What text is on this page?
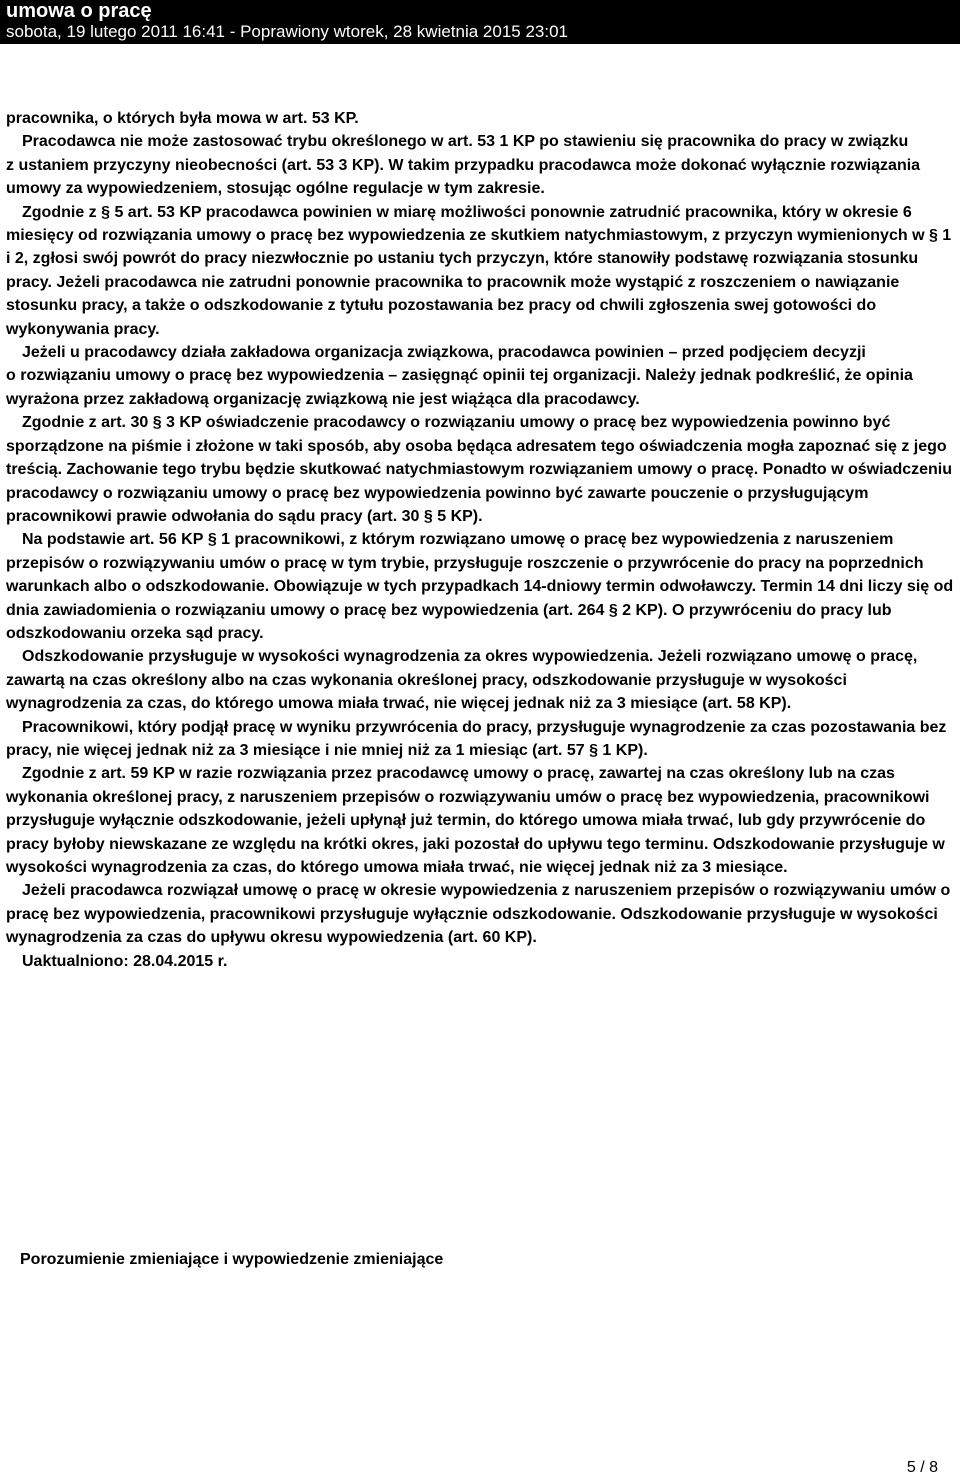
umowa o pracę
sobota, 19 lutego 2011 16:41 - Poprawiony wtorek, 28 kwietnia 2015 23:01

pracownika, o których była mowa w art. 53 KP.

Pracodawca nie może zastosować trybu określonego w art. 53 1 KP po stawieniu się pracownika do pracy w związku z ustaniem przyczyny nieobecności (art. 53 3 KP). W takim przypadku pracodawca może dokonać wyłącznie rozwiązania umowy za wypowiedzeniem, stosując ogólne regulacje w tym zakresie.

Zgodnie z § 5 art. 53 KP pracodawca powinien w miarę możliwości ponownie zatrudnić pracownika, który w okresie 6 miesięcy od rozwiązania umowy o pracę bez wypowiedzenia ze skutkiem natychmiastowym, z przyczyn wymienionych w § 1 i 2, zgłosi swój powrót do pracy niezwłocznie po ustaniu tych przyczyn, które stanowiły podstawę rozwiązania stosunku pracy. Jeżeli pracodawca nie zatrudni ponownie pracownika to pracownik może wystąpić z roszczeniem o nawiązanie stosunku pracy, a także o odszkodowanie z tytułu pozostawania bez pracy od chwili zgłoszenia swej gotowości do wykonywania pracy.

Jeżeli u pracodawcy działa zakładowa organizacja związkowa, pracodawca powinien – przed podjęciem decyzji o rozwiązaniu umowy o pracę bez wypowiedzenia – zasięgnąć opinii tej organizacji. Należy jednak podkreślić, że opinia wyrażona przez zakładową organizację związkową nie jest wiążąca dla pracodawcy.

Zgodnie z art. 30 § 3 KP oświadczenie pracodawcy o rozwiązaniu umowy o pracę bez wypowiedzenia powinno być sporządzone na piśmie i złożone w taki sposób, aby osoba będąca adresatem tego oświadczenia mogła zapoznać się z jego treścią. Zachowanie tego trybu będzie skutkować natychmiastowym rozwiązaniem umowy o pracę. Ponadto w oświadczeniu pracodawcy o rozwiązaniu umowy o pracę bez wypowiedzenia powinno być zawarte pouczenie o przysługującym pracownikowi prawie odwołania do sądu pracy (art. 30 § 5 KP).

Na podstawie art. 56 KP § 1 pracownikowi, z którym rozwiązano umowę o pracę bez wypowiedzenia z naruszeniem przepisów o rozwiązywaniu umów o pracę w tym trybie, przysługuje roszczenie o przywrócenie do pracy na poprzednich warunkach albo o odszkodowanie. Obowiązuje w tych przypadkach 14-dniowy termin odwoławczy. Termin 14 dni liczy się od dnia zawiadomienia o rozwiązaniu umowy o pracę bez wypowiedzenia (art. 264 § 2 KP). O przywróceniu do pracy lub odszkodowaniu orzeka sąd pracy.

Odszkodowanie przysługuje w wysokości wynagrodzenia za okres wypowiedzenia. Jeżeli rozwiązano umowę o pracę, zawartą na czas określony albo na czas wykonania określonej pracy, odszkodowanie przysługuje w wysokości wynagrodzenia za czas, do którego umowa miała trwać, nie więcej jednak niż za 3 miesiące (art. 58 KP).

Pracownikowi, który podjął pracę w wyniku przywrócenia do pracy, przysługuje wynagrodzenie za czas pozostawania bez pracy, nie więcej jednak niż za 3 miesiące i nie mniej niż za 1 miesiąc (art. 57 § 1 KP).

Zgodnie z art. 59 KP w razie rozwiązania przez pracodawcę umowy o pracę, zawartej na czas określony lub na czas wykonania określonej pracy, z naruszeniem przepisów o rozwiązywaniu umów o pracę bez wypowiedzenia, pracownikowi przysługuje wyłącznie odszkodowanie, jeżeli upłynął już termin, do którego umowa miała trwać, lub gdy przywrócenie do pracy byłoby niewskazane ze względu na krótki okres, jaki pozostał do upływu tego terminu. Odszkodowanie przysługuje w wysokości wynagrodzenia za czas, do którego umowa miała trwać, nie więcej jednak niż za 3 miesiące.

Jeżeli pracodawca rozwiązał umowę o pracę w okresie wypowiedzenia z naruszeniem przepisów o rozwiązywaniu umów o pracę bez wypowiedzenia, pracownikowi przysługuje wyłącznie odszkodowanie. Odszkodowanie przysługuje w wysokości wynagrodzenia za czas do upływu okresu wypowiedzenia (art. 60 KP).

Uaktualniono: 28.04.2015 r.

Porozumienie zmieniające i wypowiedzenie zmieniające
5 / 8
